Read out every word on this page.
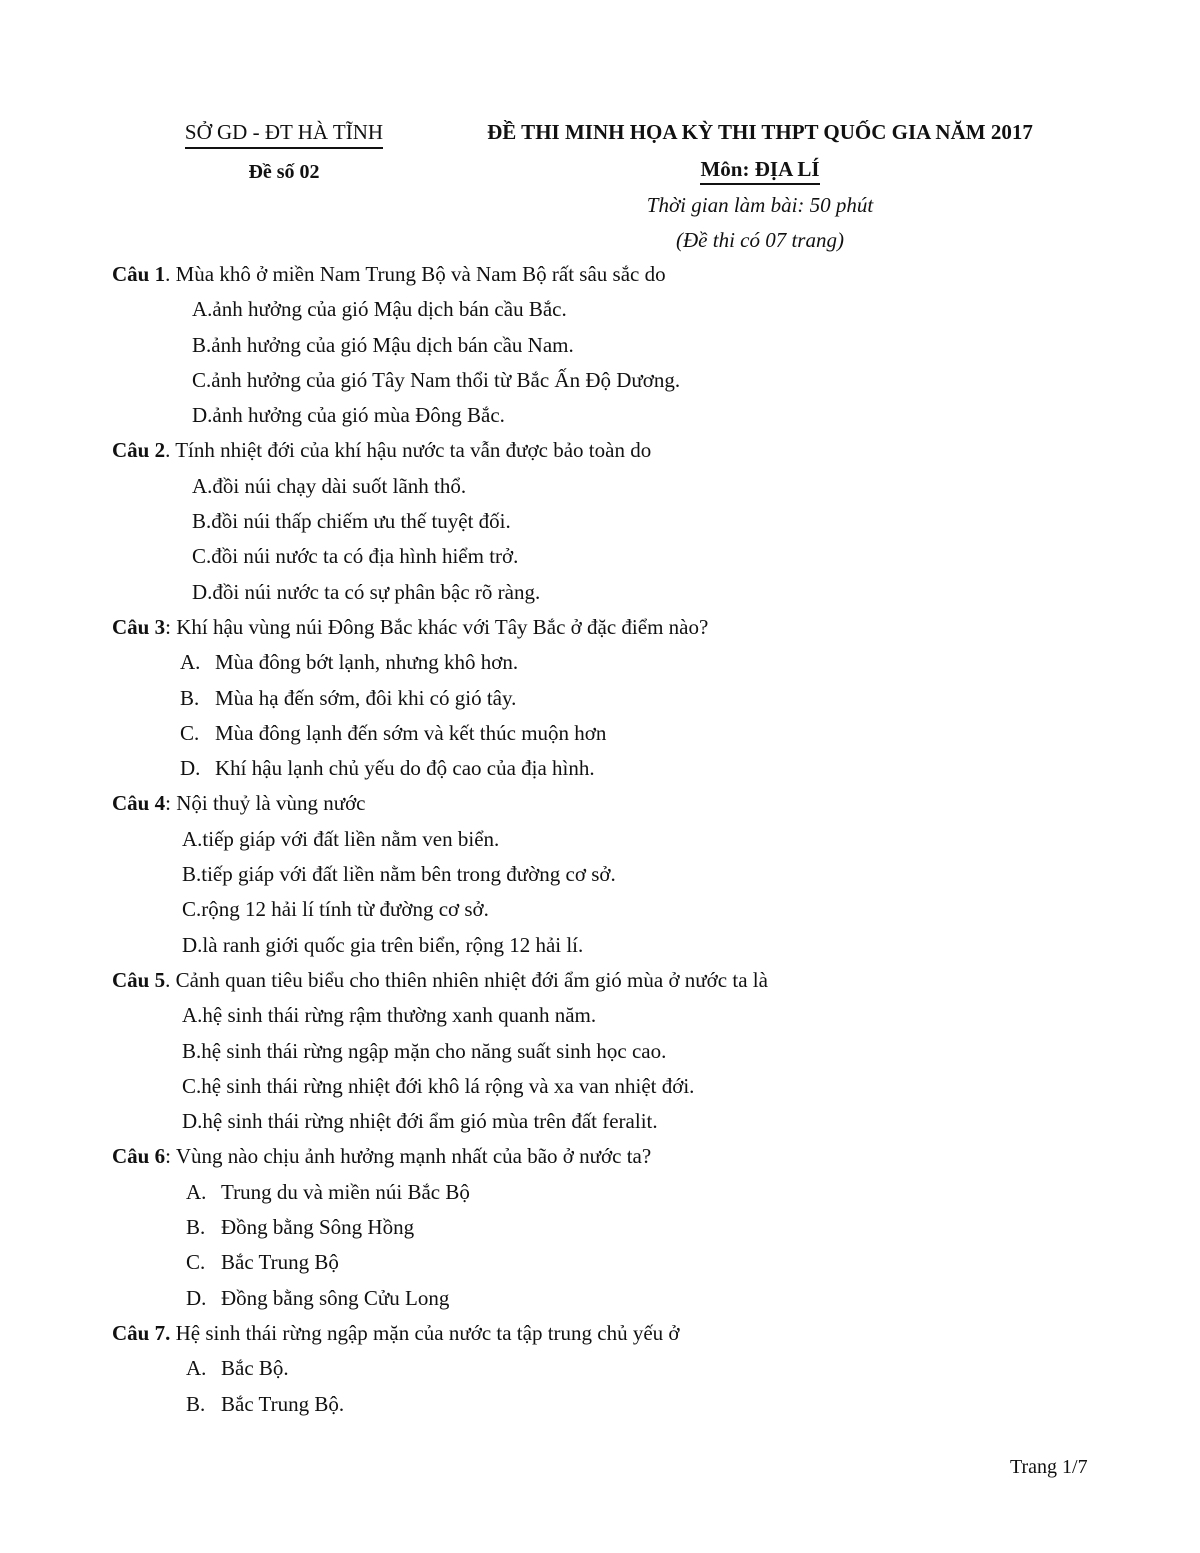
SỞ GD - ĐT HÀ TĨNH
Đề số 02
ĐỀ THI MINH HỌA KỲ THI THPT QUỐC GIA NĂM 2017
Môn: ĐỊA LÍ
Thời gian làm bài: 50 phút
(Đề thi có 07 trang)
Câu 1. Mùa khô ở miền Nam Trung Bộ và Nam Bộ rất sâu sắc do
A.ảnh hưởng của gió Mậu dịch bán cầu Bắc.
B.ảnh hưởng của gió Mậu dịch bán cầu Nam.
C.ảnh hưởng của gió Tây Nam thổi từ Bắc Ấn Độ Dương.
D.ảnh hưởng của gió mùa Đông Bắc.
Câu 2. Tính nhiệt đới của khí hậu nước ta vẫn được bảo toàn do
A.đồi núi chạy dài suốt lãnh thổ.
B.đồi núi thấp chiếm ưu thế tuyệt đối.
C.đồi núi nước ta có địa hình hiểm trở.
D.đồi núi nước ta có sự phân bậc rõ ràng.
Câu 3: Khí hậu vùng núi Đông Bắc khác với Tây Bắc ở đặc điểm nào?
A. Mùa đông bớt lạnh, nhưng khô hơn.
B. Mùa hạ đến sớm, đôi khi có gió tây.
C. Mùa đông lạnh đến sớm và kết thúc muộn hơn
D. Khí hậu lạnh chủ yếu do độ cao của địa hình.
Câu 4: Nội thuỷ là vùng nước
A.tiếp giáp với đất liền nằm ven biển.
B.tiếp giáp với đất liền nằm bên trong đường cơ sở.
C.rộng 12 hải lí tính từ đường cơ sở.
D.là ranh giới quốc gia trên biển, rộng 12 hải lí.
Câu 5. Cảnh quan tiêu biểu cho thiên nhiên nhiệt đới ẩm gió mùa ở nước ta là
A.hệ sinh thái rừng rậm thường xanh quanh năm.
B.hệ sinh thái rừng ngập mặn cho năng suất sinh học cao.
C.hệ sinh thái rừng nhiệt đới khô lá rộng và xa van nhiệt đới.
D.hệ sinh thái rừng nhiệt đới ẩm gió mùa trên đất feralit.
Câu 6: Vùng nào chịu ảnh hưởng mạnh nhất của bão ở nước ta?
A. Trung du và miền núi Bắc Bộ
B. Đồng bằng Sông Hồng
C. Bắc Trung Bộ
D. Đồng bằng sông Cửu Long
Câu 7. Hệ sinh thái rừng ngập mặn của nước ta tập trung chủ yếu ở
A. Bắc Bộ.
B. Bắc Trung Bộ.
Trang 1/7
